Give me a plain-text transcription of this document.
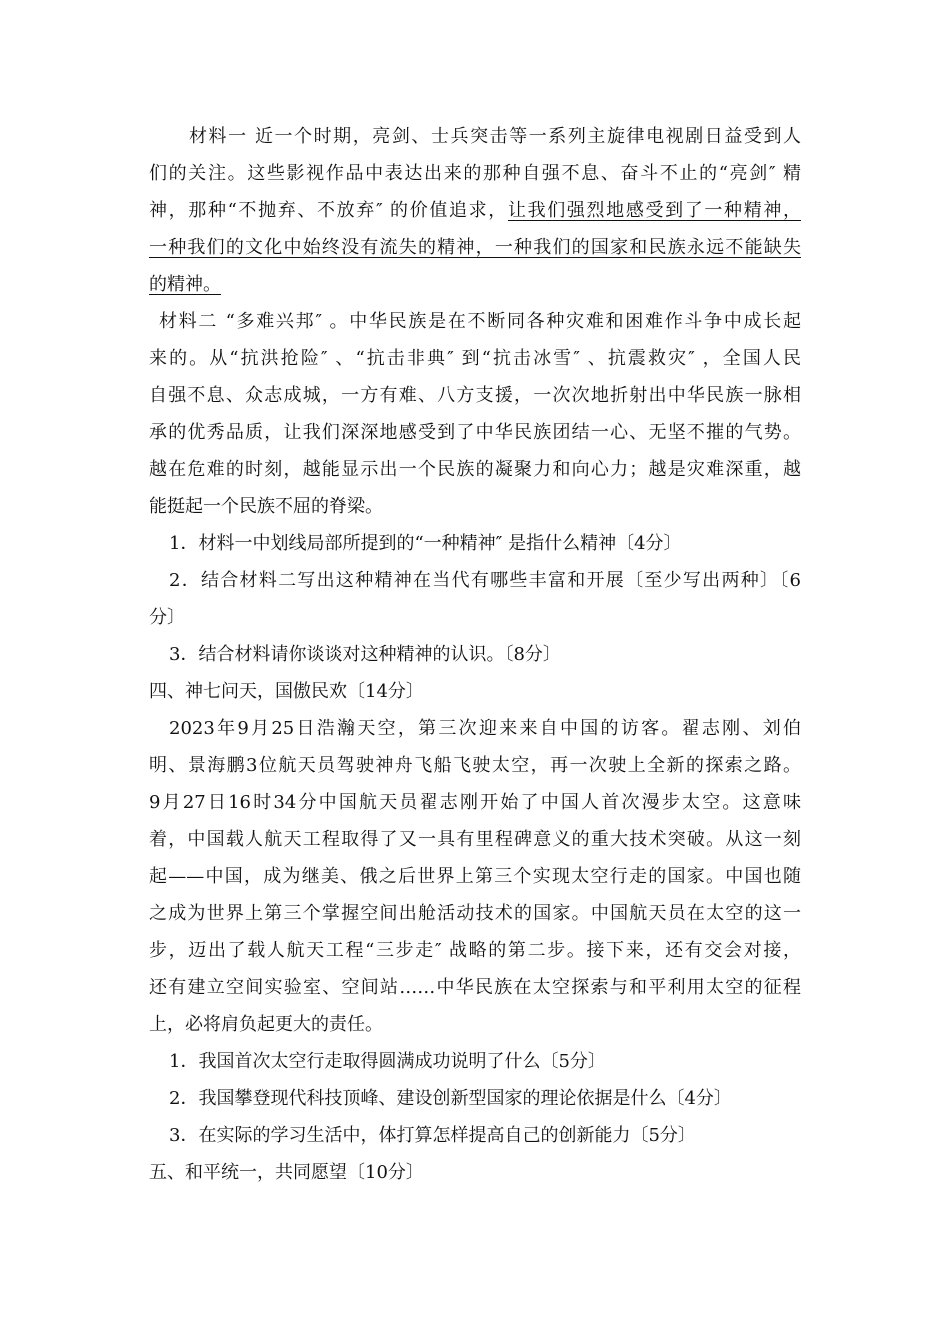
材料一 近一个时期，亮剑、士兵突击等一系列主旋律电视剧日益受到人
们的关注。这些影视作品中表达出来的那种自强不息、奋斗不止的“亮剑″ 精
神，那种“不抛弃、不放弃″ 的价值追求，让我们强烈地感受到了一种精神，
一种我们的文化中始终没有流失的精神，一种我们的国家和民族永远不能缺失
的精神。
材料二 “多难兴邦″ 。中华民族是在不断同各种灾难和困难作斗争中成长起
来的。从“抗洪抢险″ 、“抗击非典″ 到“抗击冰雪″ 、抗震救灾″ ，全国人民
自强不息、众志成城，一方有难、八方支援，一次次地折射出中华民族一脉相
承的优秀品质，让我们深深地感受到了中华民族团结一心、无坚不摧的气势。
越在危难的时刻，越能显示出一个民族的凝聚力和向心力；越是灾难深重，越
能挺起一个民族不屈的脊梁。
1．材料一中划线局部所提到的“一种精神″ 是指什么精神〔4分〕
2．结合材料二写出这种精神在当代有哪些丰富和开展〔至少写出两种〕〔6
分〕
3．结合材料请你谈谈对这种精神的认识。〔8分〕
四、神七问天，国傲民欢〔14分〕
2023年9月25日浩瀚天空，第三次迎来来自中国的访客。翟志刚、刘伯
明、景海鹏3位航天员驾驶神舟飞船飞驶太空，再一次驶上全新的探索之路。
9月27日16时34分中国航天员翟志刚开始了中国人首次漫步太空。这意味
着，中国载人航天工程取得了又一具有里程碑意义的重大技术突破。从这一刻
起——中国，成为继美、俄之后世界上第三个实现太空行走的国家。中国也随
之成为世界上第三个掌握空间出舱活动技术的国家。中国航天员在太空的这一
步，迈出了载人航天工程“三步走″ 战略的第二步。接下来，还有交会对接，
还有建立空间实验室、空间站……中华民族在太空探索与和平利用太空的征程
上，必将肩负起更大的责任。
1．我国首次太空行走取得圆满成功说明了什么〔5分〕
2．我国攀登现代科技顶峰、建设创新型国家的理论依据是什么〔4分〕
3．在实际的学习生活中，体打算怎样提高自己的创新能力〔5分〕
五、和平统一，共同愿望〔10分〕
